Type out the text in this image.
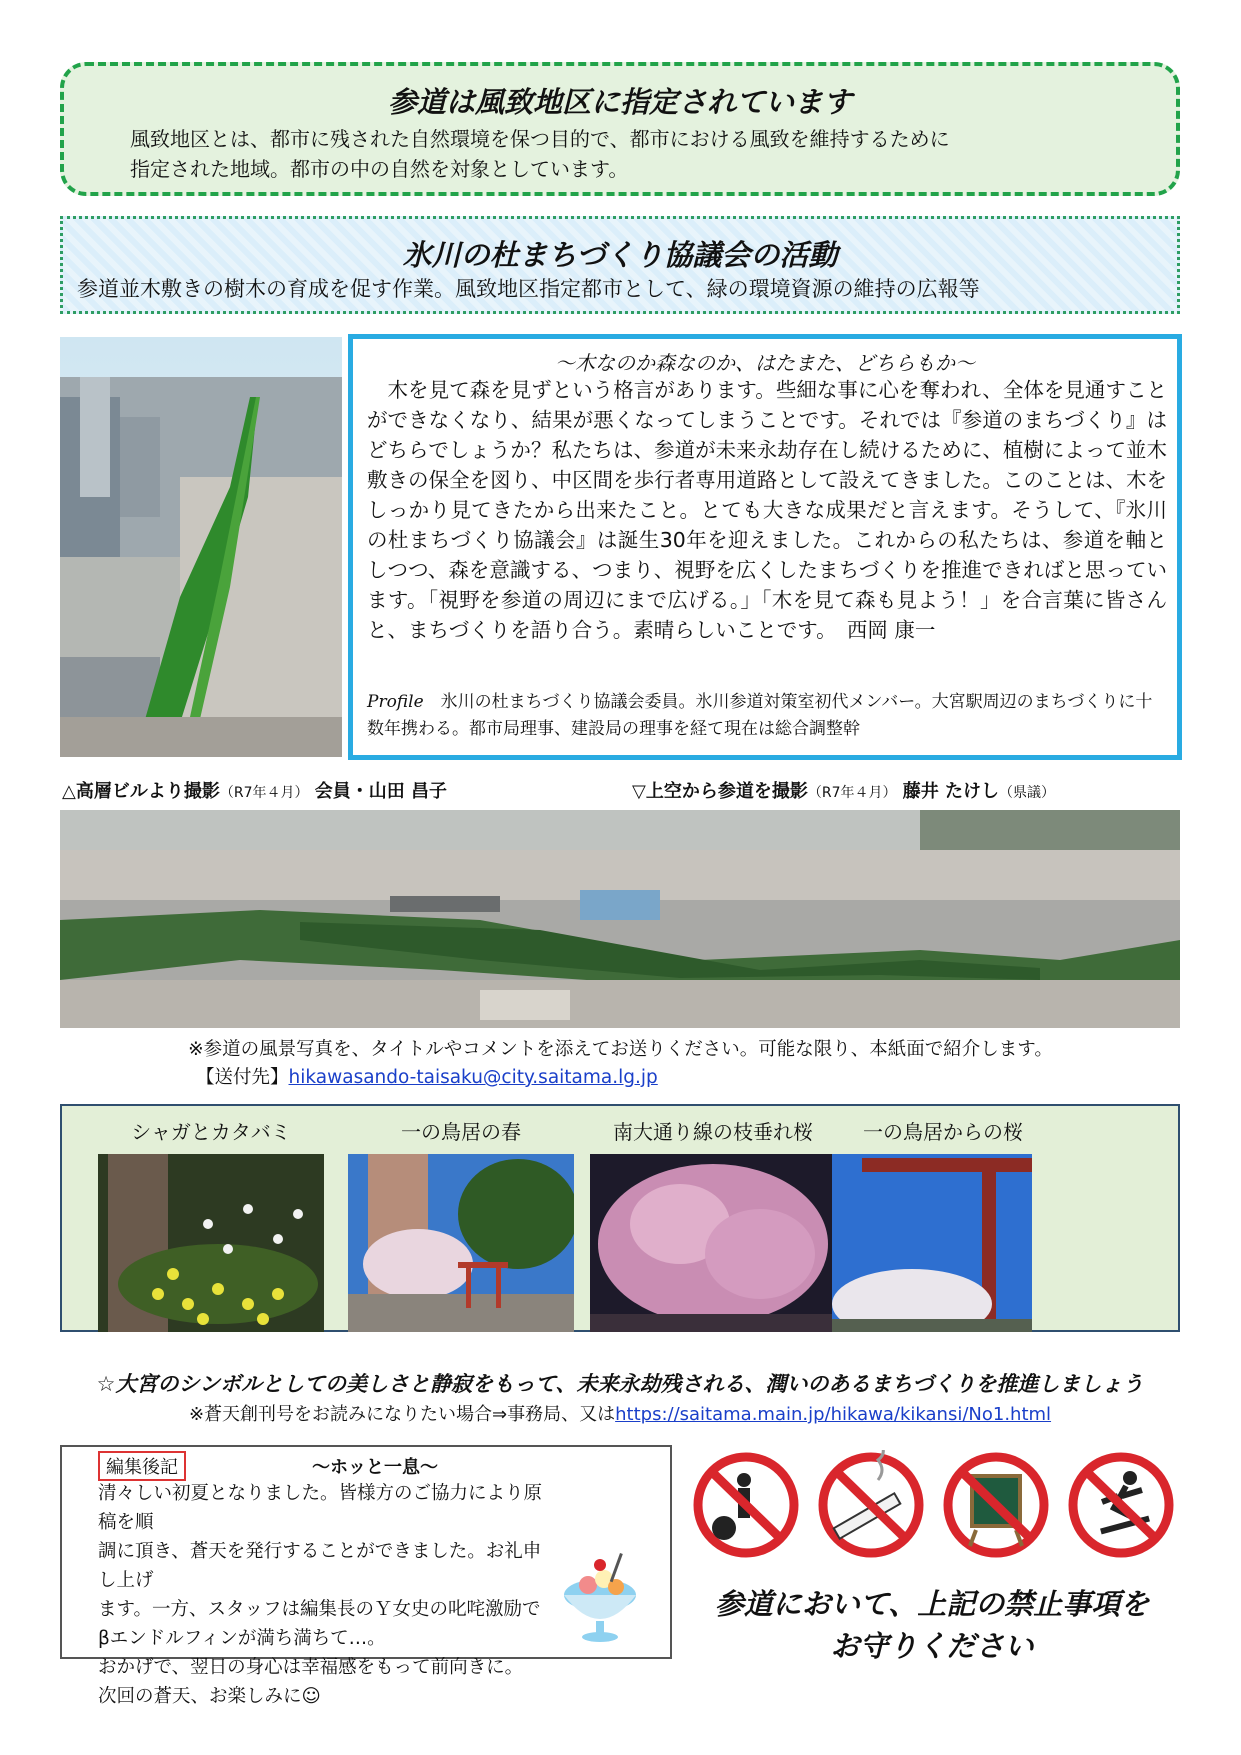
参道は風致地区に指定されています
風致地区とは、都市に残された自然環境を保つ目的で、都市における風致を維持するために
指定された地域。都市の中の自然を対象としています。
氷川の杜まちづくり協議会の活動
参道並木敷きの樹木の育成を促す作業。風致地区指定都市として、緑の環境資源の維持の広報等
～木なのか森なのか、はたまた、どちらもか～
　木を見て森を見ずという格言があります。些細な事に心を奪われ、全体を見通すことができなくなり、結果が悪くなってしまうことです。それでは『参道のまちづくり』はどちらでしょうか？私たちは、参道が未来永劫存在し続けるために、植樹によって並木敷きの保全を図り、中区間を歩行者専用道路として設えてきました。このことは、木をしっかり見てきたから出来たこと。とても大きな成果だと言えます。そうして、『氷川の杜まちづくり協議会』は誕生30年を迎えました。これからの私たちは、参道を軸としつつ、森を意識する、つまり、視野を広くしたまちづくりを推進できればと思っています。「視野を参道の周辺にまで広げる。」「木を見て森も見よう！」を合言葉に皆さんと、まちづくりを語り合う。素晴らしいことです。　西岡 康一
Profile　氷川の杜まちづくり協議会委員。氷川参道対策室初代メンバー。大宮駅周辺のまちづくりに十数年携わる。都市局理事、建設局の理事を経て現在は総合調整幹
△高層ビルより撮影（R7年４月） 会員・山田 昌子	▽上空から参道を撮影（R7年４月） 藤井 たけし（県議）
※参道の風景写真を、タイトルやコメントを添えてお送りください。可能な限り、本紙面で紹介します。
【送付先】hikawasando-taisaku@city.saitama.lg.jp
シャガとカタバミ	一の鳥居の春	南大通り線の枝垂れ桜	一の鳥居からの桜
☆大宮のシンボルとしての美しさと静寂をもって、未来永劫残される、潤いのあるまちづくりを推進しましょう
※蒼天創刊号をお読みになりたい場合⇒事務局、又はhttps://saitama.main.jp/hikawa/kikansi/No1.html
編集後記	～ホッと一息～
清々しい初夏となりました。皆様方のご協力により原稿を順
調に頂き、蒼天を発行することができました。お礼申し上げ
ます。一方、スタッフは編集長のＹ女史の叱咤激励で
βエンドルフィンが満ち満ちて…。
おかげで、翌日の身心は幸福感をもって前向きに。
次回の蒼天、お楽しみに☺
参道において、上記の禁止事項を
お守りください
